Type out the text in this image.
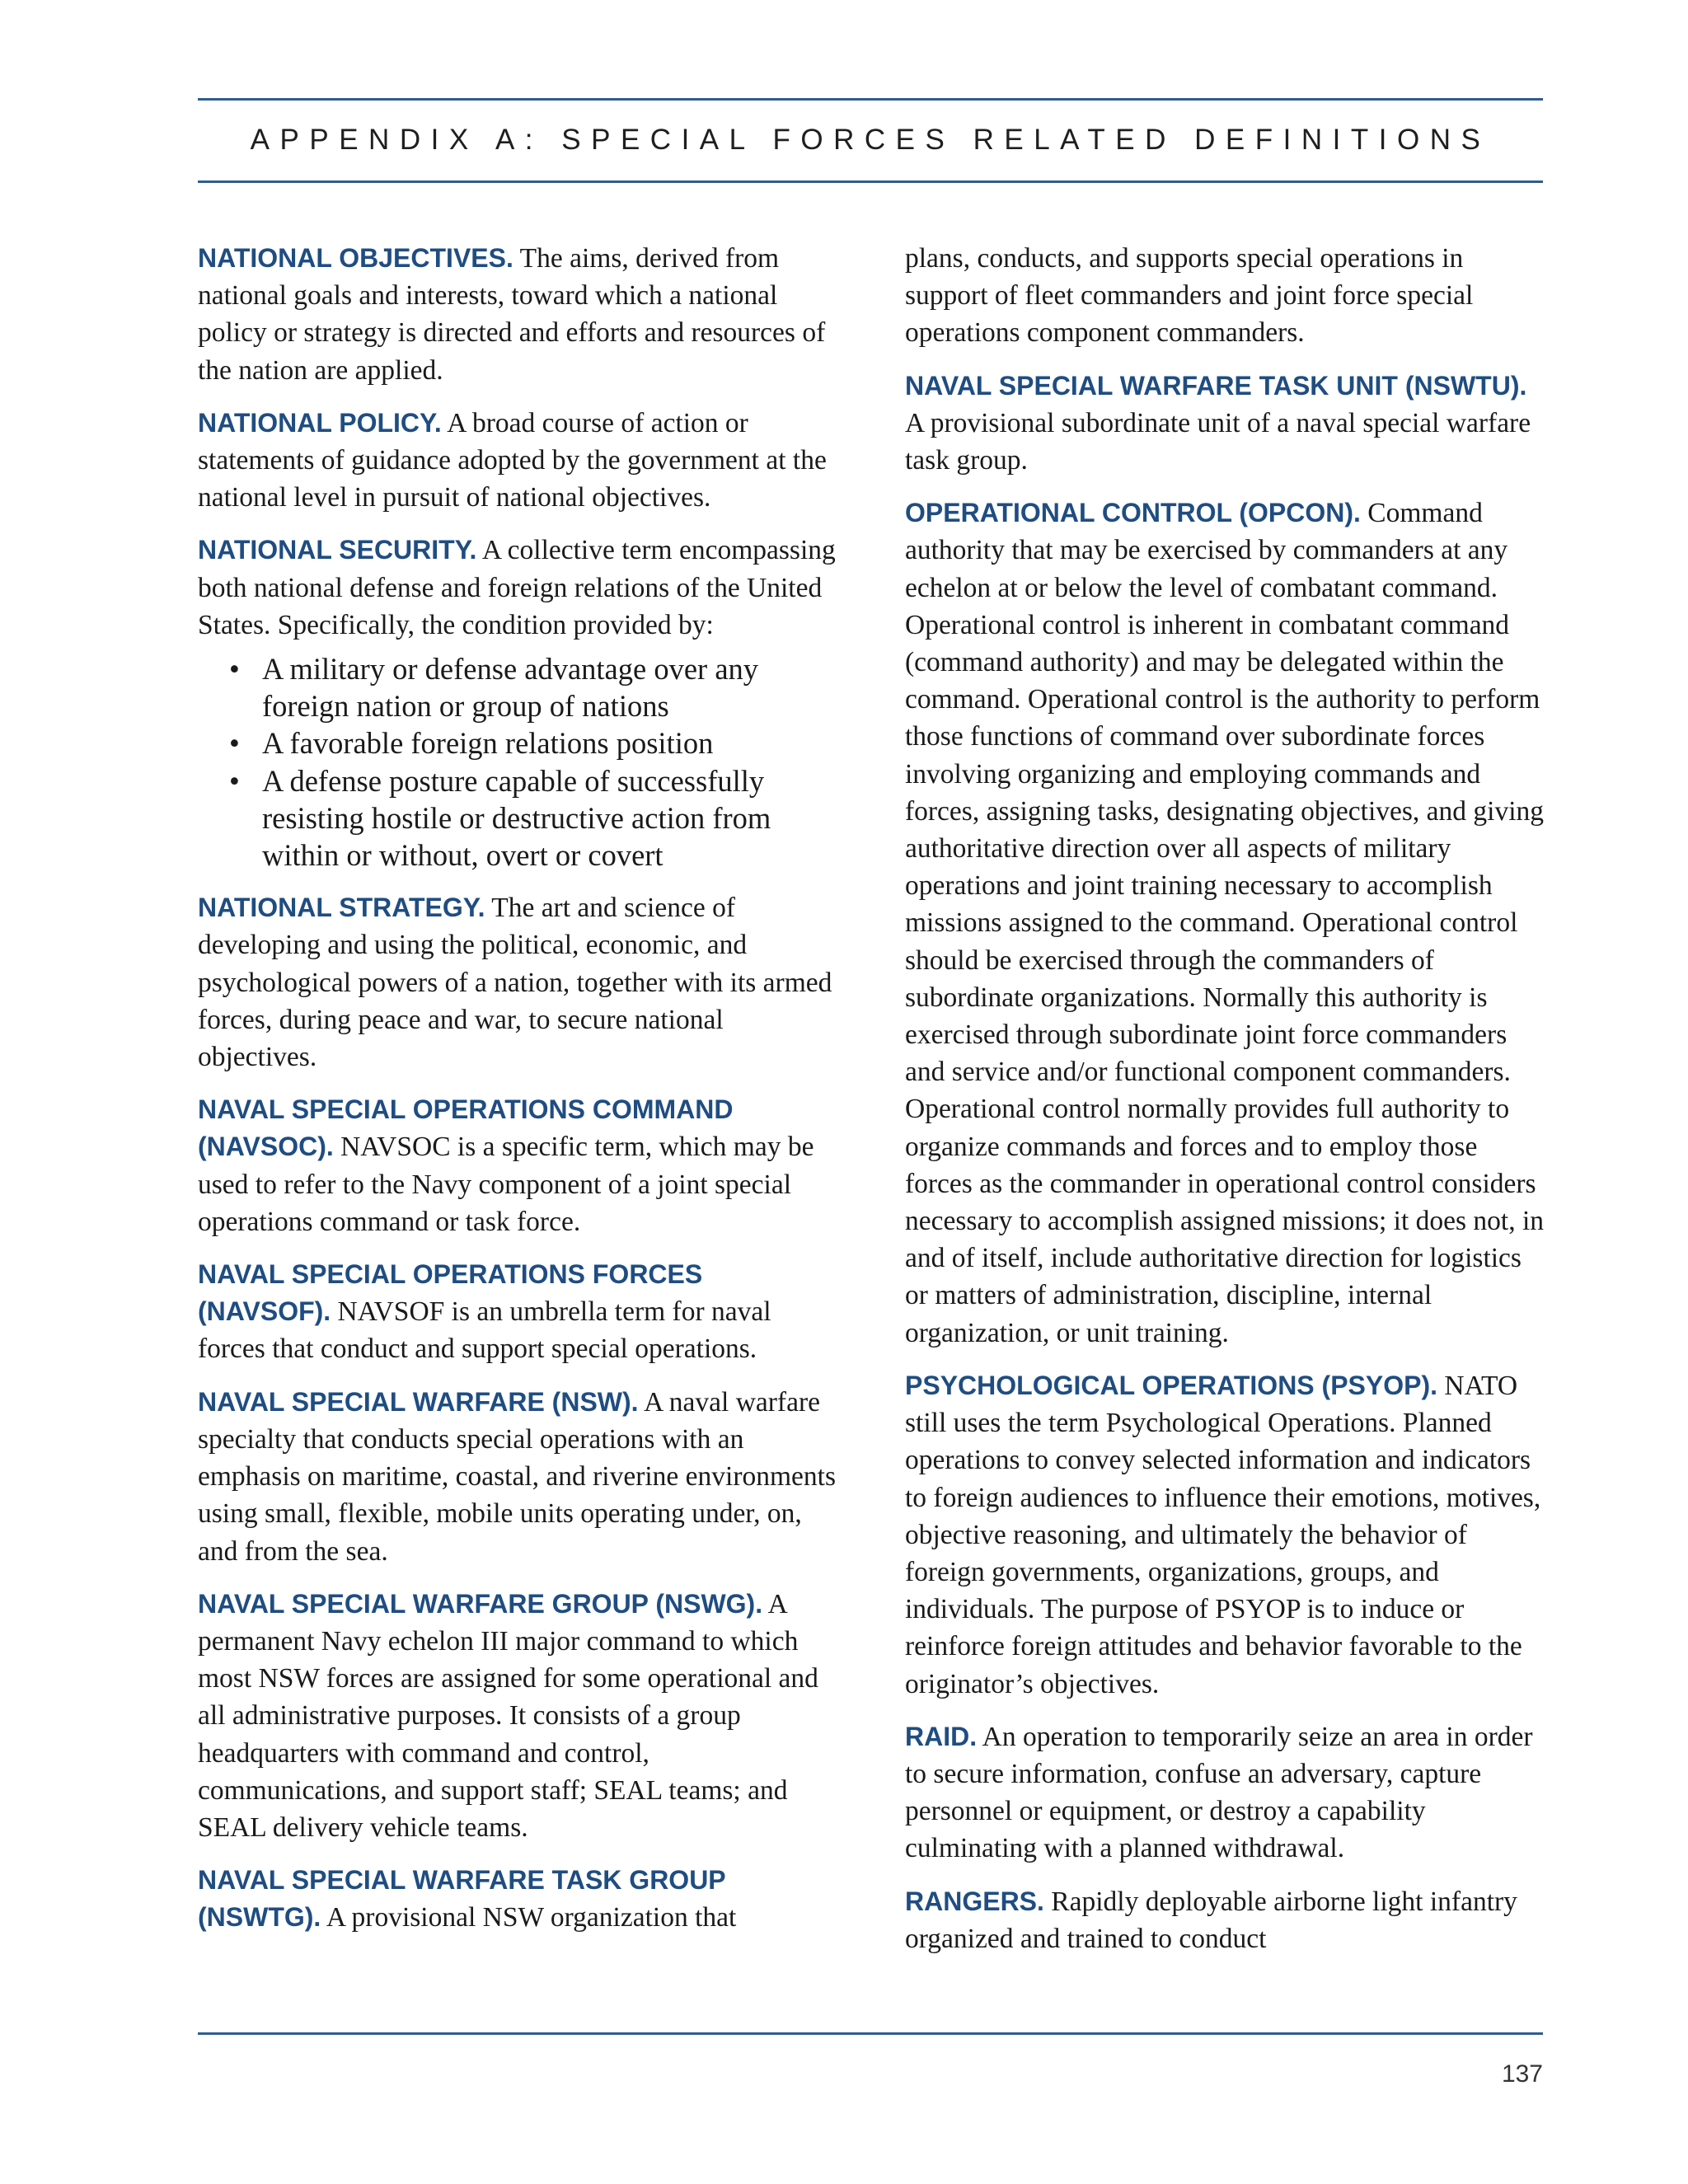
APPENDIX A: SPECIAL FORCES RELATED DEFINITIONS

NATIONAL OBJECTIVES. The aims, derived from national goals and interests, toward which a national policy or strategy is directed and efforts and resources of the nation are applied.

NATIONAL POLICY. A broad course of action or statements of guidance adopted by the government at the national level in pursuit of national objectives.

NATIONAL SECURITY. A collective term encompassing both national defense and foreign relations of the United States. Specifically, the condition provided by:
• A military or defense advantage over any foreign nation or group of nations
• A favorable foreign relations position
• A defense posture capable of successfully resisting hostile or destructive action from within or without, overt or covert

NATIONAL STRATEGY. The art and science of developing and using the political, economic, and psychological powers of a nation, together with its armed forces, during peace and war, to secure national objectives.

NAVAL SPECIAL OPERATIONS COMMAND (NAVSOC). NAVSOC is a specific term, which may be used to refer to the Navy component of a joint special operations command or task force.

NAVAL SPECIAL OPERATIONS FORCES (NAVSOF). NAVSOF is an umbrella term for naval forces that conduct and support special operations.

NAVAL SPECIAL WARFARE (NSW). A naval warfare specialty that conducts special operations with an emphasis on maritime, coastal, and riverine environments using small, flexible, mobile units operating under, on, and from the sea.

NAVAL SPECIAL WARFARE GROUP (NSWG). A permanent Navy echelon III major command to which most NSW forces are assigned for some operational and all administrative purposes. It consists of a group headquarters with command and control, communications, and support staff; SEAL teams; and SEAL delivery vehicle teams.

NAVAL SPECIAL WARFARE TASK GROUP (NSWTG). A provisional NSW organization that

plans, conducts, and supports special operations in support of fleet commanders and joint force special operations component commanders.

NAVAL SPECIAL WARFARE TASK UNIT (NSWTU). A provisional subordinate unit of a naval special warfare task group.

OPERATIONAL CONTROL (OPCON). Command authority that may be exercised by commanders at any echelon at or below the level of combatant command. Operational control is inherent in combatant command (command authority) and may be delegated within the command. Operational control is the authority to perform those functions of command over subordinate forces involving organizing and employing commands and forces, assigning tasks, designating objectives, and giving authoritative direction over all aspects of military operations and joint training necessary to accomplish missions assigned to the command. Operational control should be exercised through the commanders of subordinate organizations. Normally this authority is exercised through subordinate joint force commanders and service and/or functional component commanders. Operational control normally provides full authority to organize commands and forces and to employ those forces as the commander in operational control considers necessary to accomplish assigned missions; it does not, in and of itself, include authoritative direction for logistics or matters of administration, discipline, internal organization, or unit training.

PSYCHOLOGICAL OPERATIONS (PSYOP). NATO still uses the term Psychological Operations. Planned operations to convey selected information and indicators to foreign audiences to influence their emotions, motives, objective reasoning, and ultimately the behavior of foreign governments, organizations, groups, and individuals. The purpose of PSYOP is to induce or reinforce foreign attitudes and behavior favorable to the originator’s objectives.

RAID. An operation to temporarily seize an area in order to secure information, confuse an adversary, capture personnel or equipment, or destroy a capability culminating with a planned withdrawal.

RANGERS. Rapidly deployable airborne light infantry organized and trained to conduct

137
